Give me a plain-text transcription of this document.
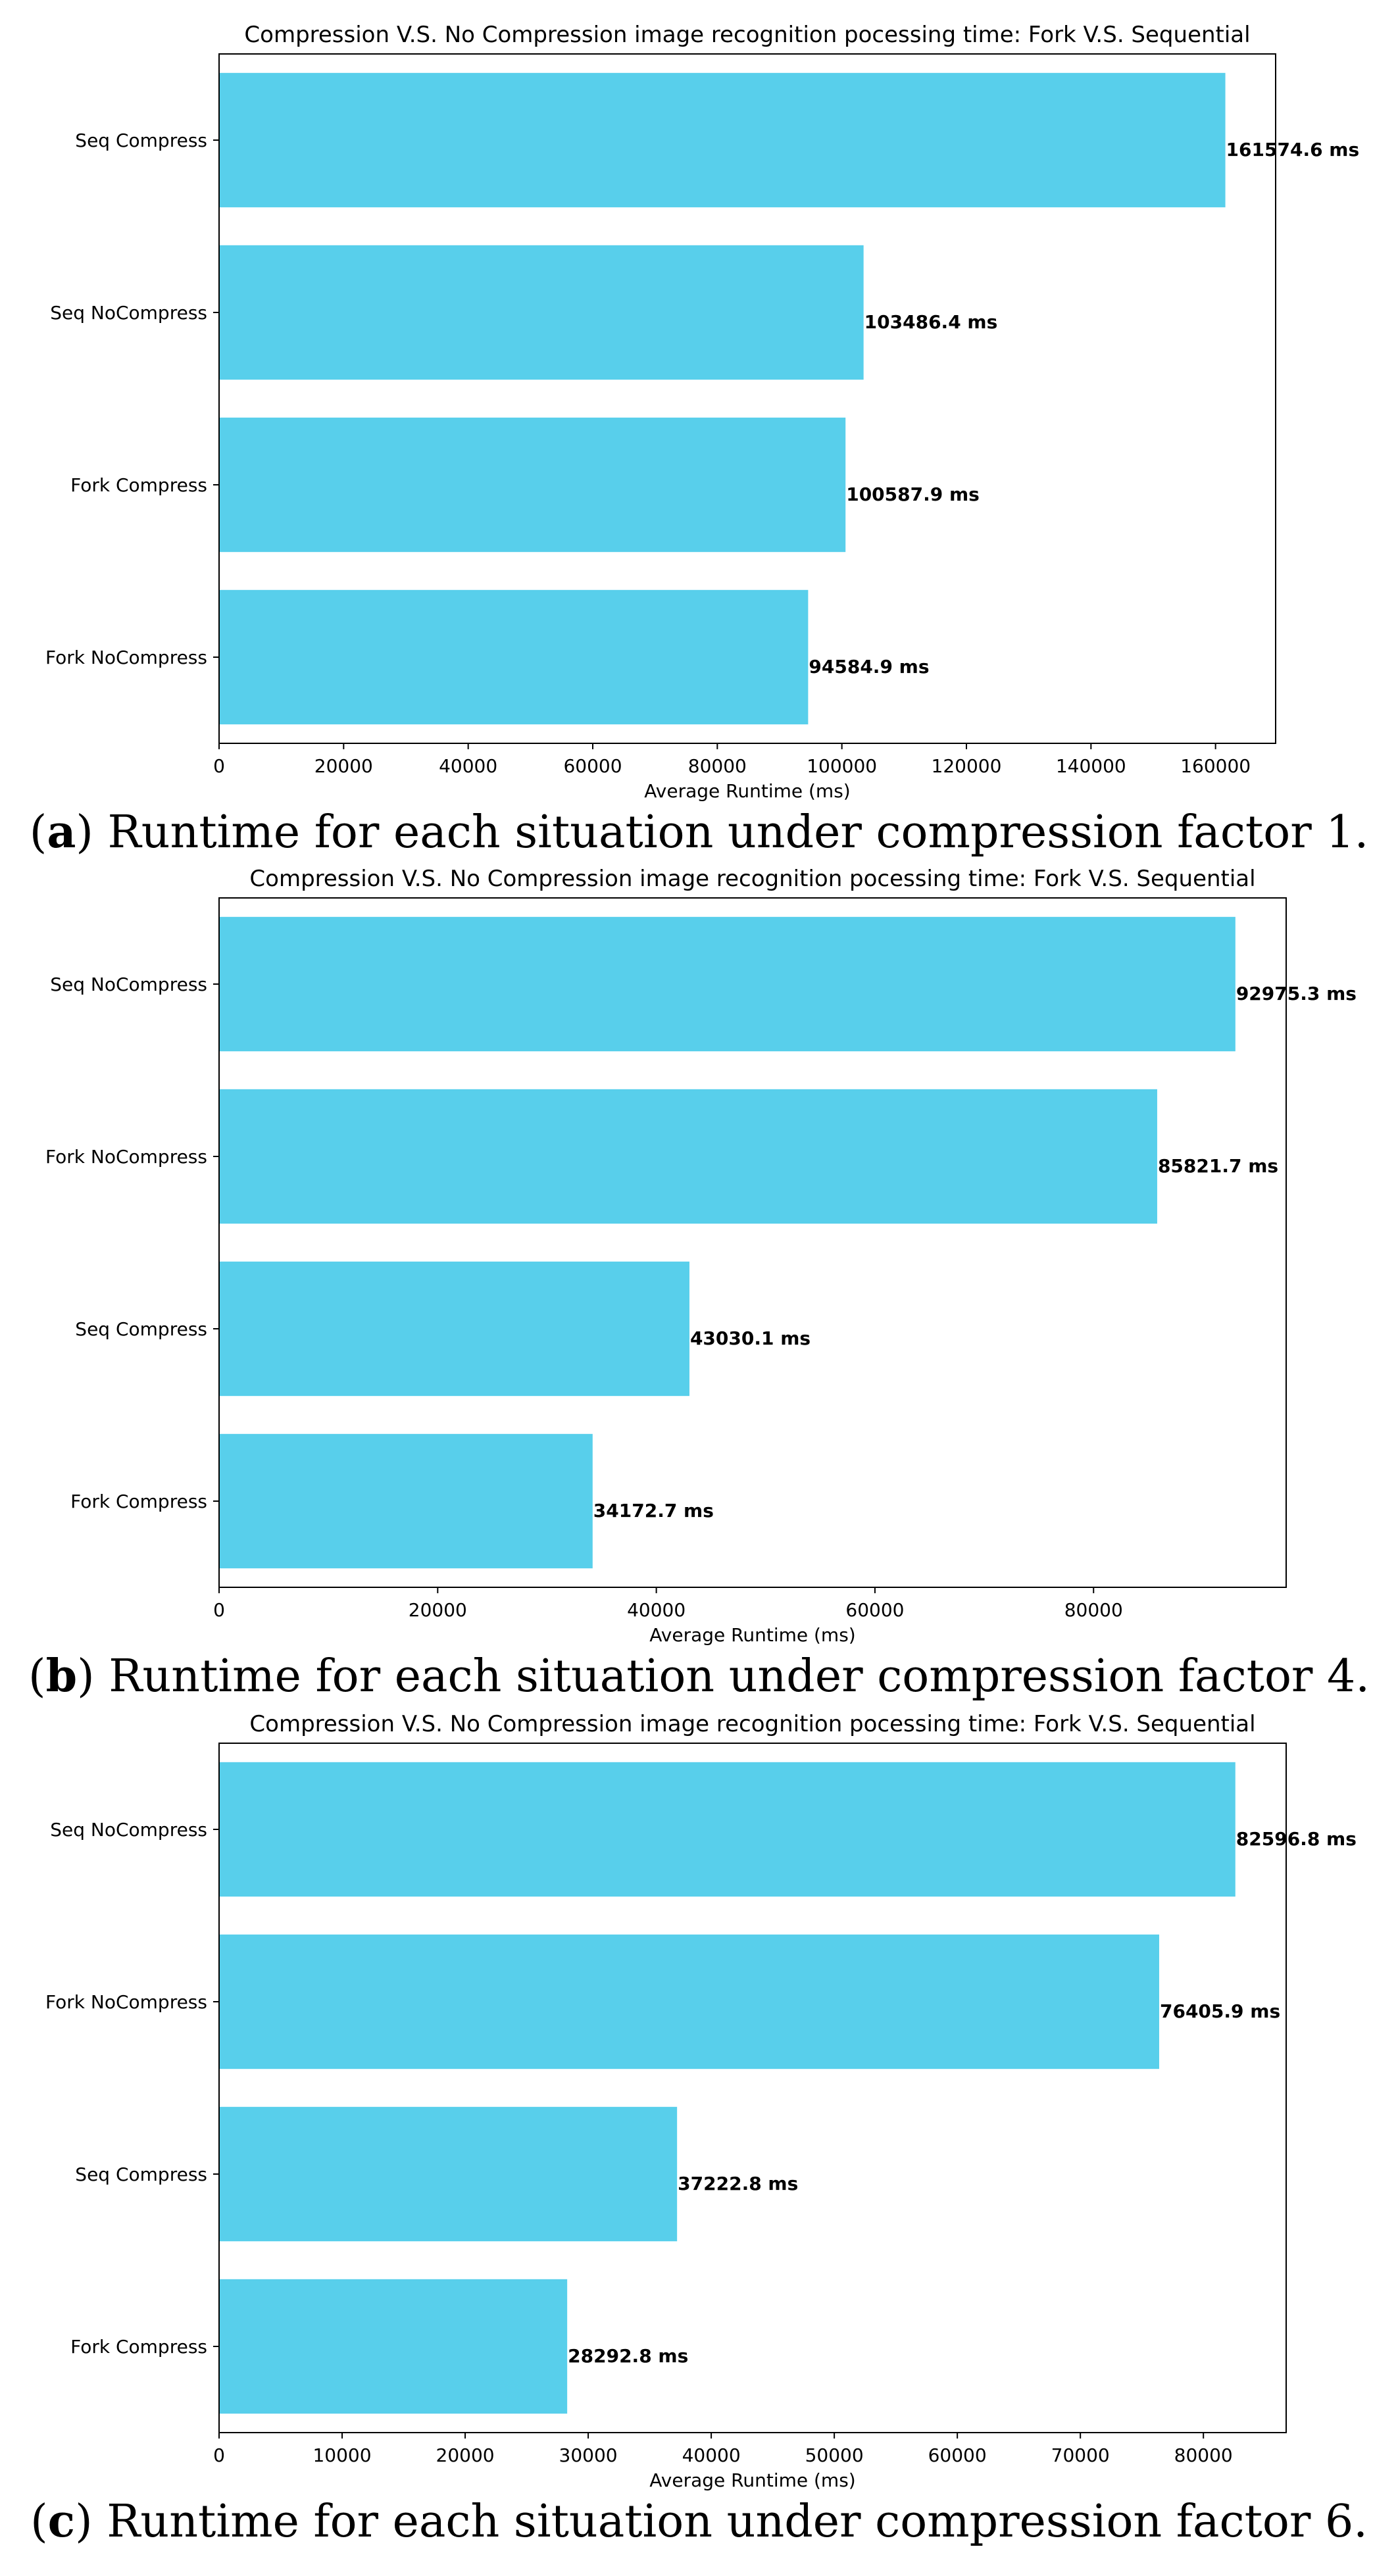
Compression V.S. No Compression image recognition pocessing time: Fork V.S. Sequential
Seq Compress	161574.6 ms
Seq NoCompress	103486.4 ms
Fork Compress	100587.9 ms
Fork NoCompress	94584.9 ms
0	20000	40000	60000	80000	100000	120000	140000	160000
Average Runtime (ms)
(a) Runtime for each situation under compression factor 1.
Compression V.S. No Compression image recognition pocessing time: Fork V.S. Sequential
Seq NoCompress	92975.3 ms
Fork NoCompress	85821.7 ms
Seq Compress	43030.1 ms
Fork Compress	34172.7 ms
0	20000	40000	60000	80000
Average Runtime (ms)
(b) Runtime for each situation under compression factor 4.
Compression V.S. No Compression image recognition pocessing time: Fork V.S. Sequential
Seq NoCompress	82596.8 ms
Fork NoCompress	76405.9 ms
Seq Compress	37222.8 ms
Fork Compress	28292.8 ms
0	10000	20000	30000	40000	50000	60000	70000	80000
Average Runtime (ms)
(c) Runtime for each situation under compression factor 6.
